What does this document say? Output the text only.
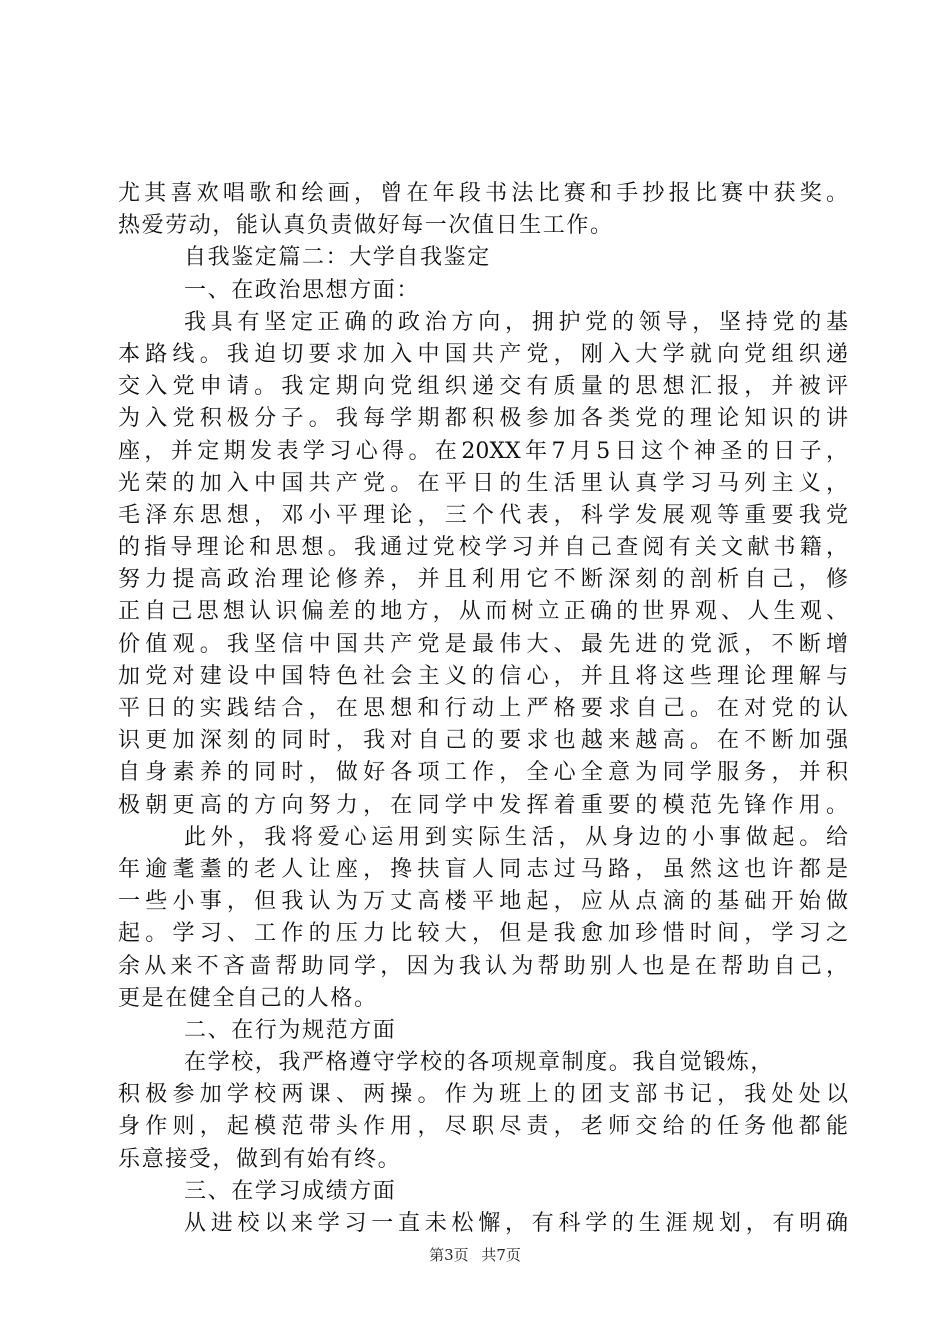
尤其喜欢唱歌和绘画，曾在年段书法比赛和手抄报比赛中获奖。
热爱劳动，能认真负责做好每一次值日生工作。
自我鉴定篇二：大学自我鉴定
一、在政治思想方面：
我具有坚定正确的政治方向，拥护党的领导，坚持党的基
本路线。我迫切要求加入中国共产党，刚入大学就向党组织递
交入党申请。我定期向党组织递交有质量的思想汇报，并被评
为入党积极分子。我每学期都积极参加各类党的理论知识的讲
座，并定期发表学习心得。在20XX年7月5日这个神圣的日子，
光荣的加入中国共产党。在平日的生活里认真学习马列主义，
毛泽东思想，邓小平理论，三个代表，科学发展观等重要我党
的指导理论和思想。我通过党校学习并自己查阅有关文献书籍，
努力提高政治理论修养，并且利用它不断深刻的剖析自己，修
正自己思想认识偏差的地方，从而树立正确的世界观、人生观、
价值观。我坚信中国共产党是最伟大、最先进的党派，不断增
加党对建设中国特色社会主义的信心，并且将这些理论理解与
平日的实践结合，在思想和行动上严格要求自己。在对党的认
识更加深刻的同时，我对自己的要求也越来越高。在不断加强
自身素养的同时，做好各项工作，全心全意为同学服务，并积
极朝更高的方向努力，在同学中发挥着重要的模范先锋作用。
此外，我将爱心运用到实际生活，从身边的小事做起。给
年逾耄耋的老人让座，搀扶盲人同志过马路，虽然这也许都是
一些小事，但我认为万丈高楼平地起，应从点滴的基础开始做
起。学习、工作的压力比较大，但是我愈加珍惜时间，学习之
余从来不吝啬帮助同学，因为我认为帮助别人也是在帮助自己，
更是在健全自己的人格。
二、在行为规范方面
在学校，我严格遵守学校的各项规章制度。我自觉锻炼，
积极参加学校两课、两操。作为班上的团支部书记，我处处以
身作则，起模范带头作用，尽职尽责，老师交给的任务他都能
乐意接受，做到有始有终。
三、在学习成绩方面
从进校以来学习一直未松懈，有科学的生涯规划，有明确
第3页 共7页
